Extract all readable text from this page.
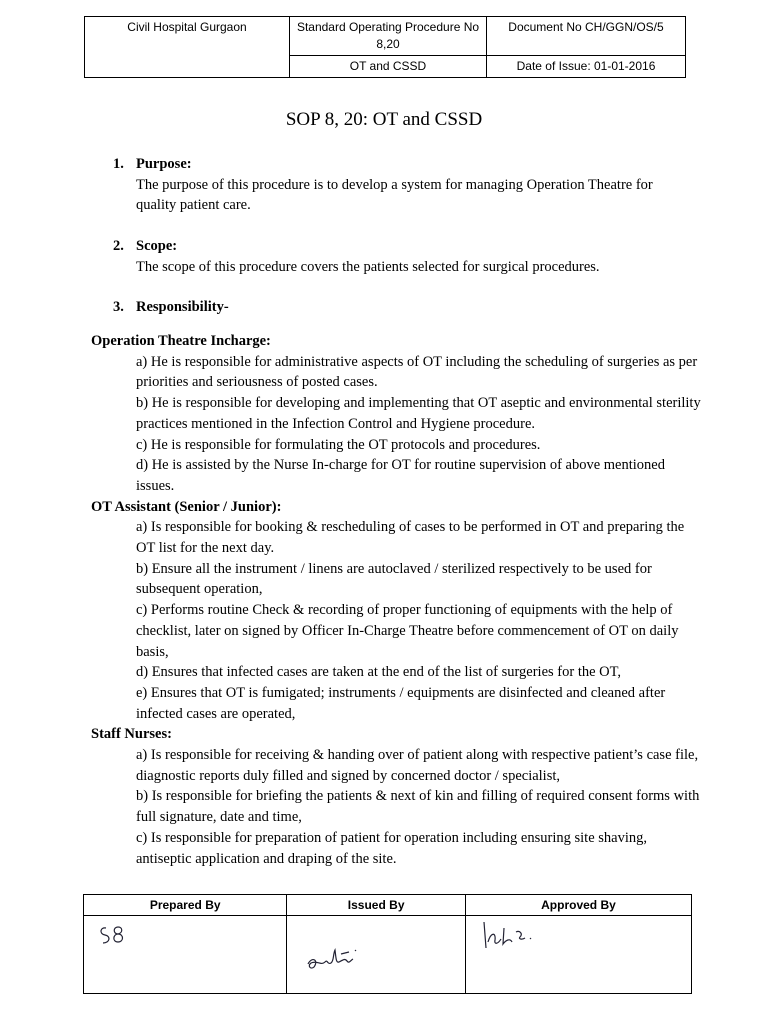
Civil Hospital Gurgaon	Standard Operating Procedure No 8,20	Document No CH/GGN/OS/5
	OT and CSSD	Date of Issue: 01-01-2016
SOP 8, 20: OT and CSSD
1. Purpose:
The purpose of this procedure is to develop a system for managing Operation Theatre for quality patient care.
2. Scope:
The scope of this procedure covers the patients selected for surgical procedures.
3. Responsibility-
Operation Theatre Incharge:

a) He is responsible for administrative aspects of OT including the scheduling of surgeries as per priorities and seriousness of posted cases.

b) He is responsible for developing and implementing that OT aseptic and environmental sterility practices mentioned in the Infection Control and Hygiene procedure.

c) He is responsible for formulating the OT protocols and procedures.

d) He is assisted by the Nurse In-charge for OT for routine supervision of above mentioned issues.

OT Assistant (Senior / Junior):

a) Is responsible for booking & rescheduling of cases to be performed in OT and preparing the OT list for the next day.

b) Ensure all the instrument / linens are autoclaved / sterilized respectively to be used for subsequent operation,

c) Performs routine Check & recording of proper functioning of equipments with the help of checklist, later on signed by Officer In-Charge Theatre before commencement of OT on daily basis,

d) Ensures that infected cases are taken at the end of the list of surgeries for the OT,

e) Ensures that OT is fumigated; instruments / equipments are disinfected and cleaned after infected cases are operated,

Staff Nurses:

a) Is responsible for receiving & handing over of patient along with respective patient’s case file, diagnostic reports duly filled and signed by concerned doctor / specialist,

b) Is responsible for briefing the patients & next of kin and filling of required consent forms with full signature, date and time,

c) Is responsible for preparation of patient for operation including ensuring site shaving, antiseptic application and draping of the site.

Prepared By	Issued By	Approved By
